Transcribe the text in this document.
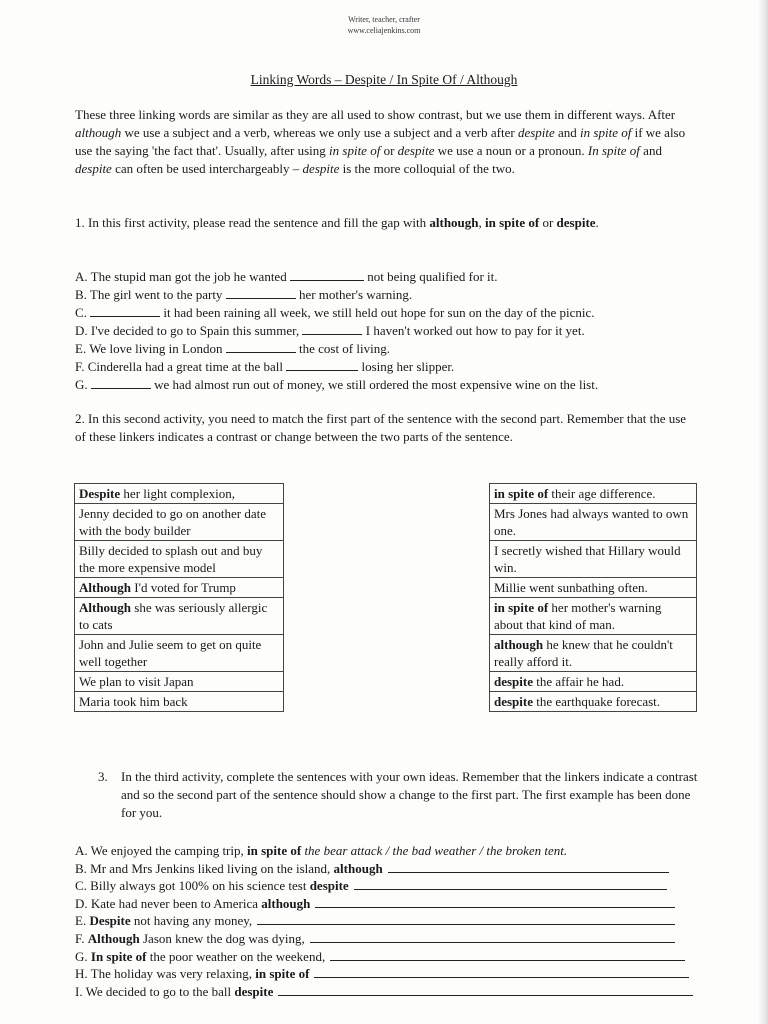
Writer, teacher, crafter
www.celiajenkins.com
Linking Words – Despite / In Spite Of / Although

These three linking words are similar as they are all used to show contrast, but we use them in different ways. After although we use a subject and a verb, whereas we only use a subject and a verb after despite and in spite of if we also use the saying 'the fact that'. Usually, after using in spite of or despite we use a noun or a pronoun. In spite of and despite can often be used interchargeably – despite is the more colloquial of the two.

1. In this first activity, please read the sentence and fill the gap with although, in spite of or despite.

A. The stupid man got the job he wanted	not being qualified for it.
B. The girl went to the party	her mother's warning.
C.	it had been raining all week, we still held out hope for sun on the day of the picnic.
D. I've decided to go to Spain this summer,	I haven't worked out how to pay for it yet.
E. We love living in London	the cost of living.
F. Cinderella had a great time at the ball	losing her slipper.
G.	we had almost run out of money, we still ordered the most expensive wine on the list.

2. In this second activity, you need to match the first part of the sentence with the second part. Remember that the use of these linkers indicates a contrast or change between the two parts of the sentence.

Despite her light complexion,
Jenny decided to go on another date with the body builder
Billy decided to splash out and buy the more expensive model
Although I'd voted for Trump
Although she was seriously allergic to cats
John and Julie seem to get on quite well together
We plan to visit Japan
Maria took him back
in spite of their age difference.
Mrs Jones had always wanted to own one.
I secretly wished that Hillary would win.
Millie went sunbathing often.
in spite of her mother's warning about that kind of man.
although he knew that he couldn't really afford it.
despite the affair he had.
despite the earthquake forecast.
3. In the third activity, complete the sentences with your own ideas. Remember that the linkers indicate a contrast and so the second part of the sentence should show a change to the first part. The first example has been done for you.
A. We enjoyed the camping trip, in spite of the bear attack / the bad weather / the broken tent.
B. Mr and Mrs Jenkins liked living on the island, although
C. Billy always got 100% on his science test despite
D. Kate had never been to America although
E. Despite not having any money,
F. Although Jason knew the dog was dying,
G. In spite of the poor weather on the weekend,
H. The holiday was very relaxing, in spite of
I. We decided to go to the ball despite
